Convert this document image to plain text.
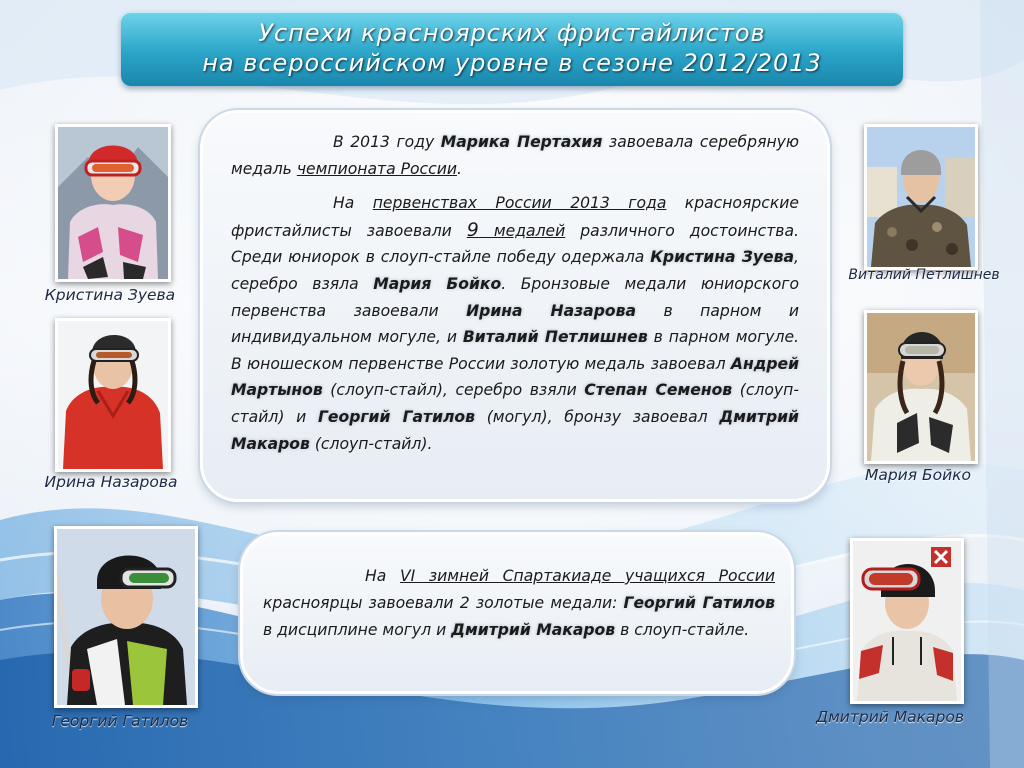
Успехи красноярских фристайлистов
на всероссийском уровне в сезоне 2012/2013

В 2013 году Марика Пертахия завоевала серебряную медаль чемпионата России.

На первенствах России 2013 года красноярские фристайлисты завоевали 9 медалей различного достоинства. Среди юниорок в слоуп-стайле победу одержала Кристина Зуева, серебро взяла Мария Бойко. Бронзовые медали юниорского первенства завоевали Ирина Назарова в парном и индивидуальном могуле, и Виталий Петлишнев в парном могуле. В юношеском первенстве России золотую медаль завоевал Андрей Мартынов (слоуп-стайл), серебро взяли Степан Семенов (слоуп-стайл) и Георгий Гатилов (могул), бронзу завоевал Дмитрий Макаров (слоуп-стайл).

На VI зимней Спартакиаде учащихся России красноярцы завоевали 2 золотые медали: Георгий Гатилов в дисциплине могул и Дмитрий Макаров в слоуп-стайле.

Кристина Зуева
Ирина Назарова
Георгий Гатилов
Виталий Петлишнев
Мария Бойко
Дмитрий Макаров
